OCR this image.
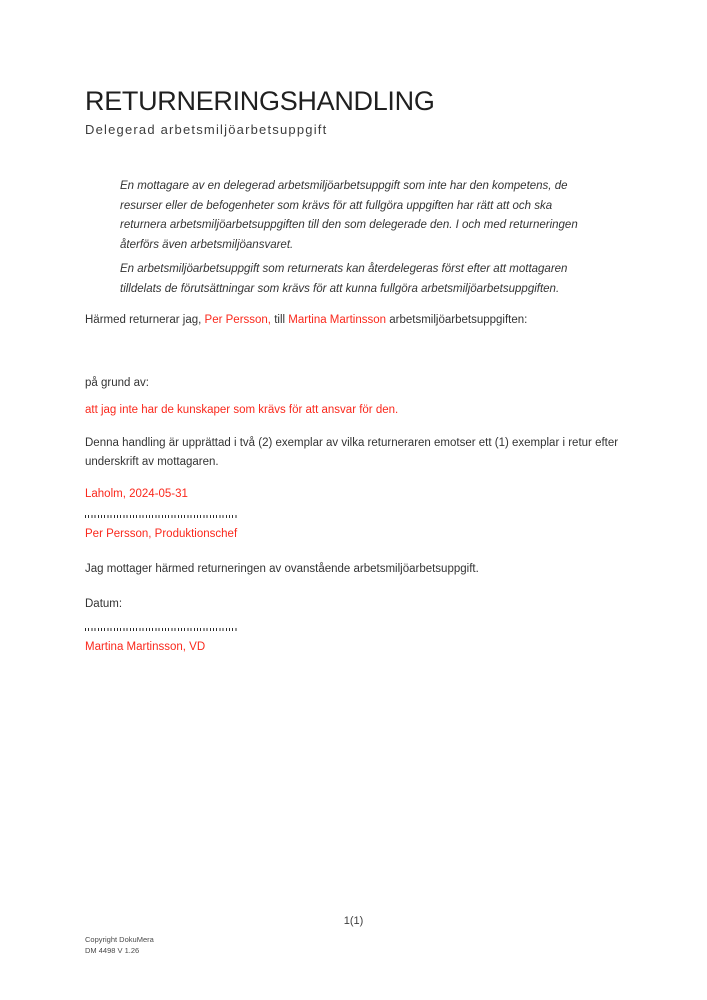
RETURNERINGSHANDLING
Delegerad arbetsmiljöarbetsuppgift

En mottagare av en delegerad arbetsmiljöarbetsuppgift som inte har den kompetens, de resurser eller de befogenheter som krävs för att fullgöra uppgiften har rätt att och ska returnera arbetsmiljöarbetsuppgiften till den som delegerade den. I och med returneringen återförs även arbetsmiljöansvaret.

En arbetsmiljöarbetsuppgift som returnerats kan återdelegeras först efter att mottagaren tilldelats de förutsättningar som krävs för att kunna fullgöra arbetsmiljöarbetsuppgiften.

Härmed returnerar jag, Per Persson, till Martina Martinsson arbetsmiljöarbetsuppgiften:

på grund av:

att jag inte har de kunskaper som krävs för att ansvar för den.

Denna handling är upprättad i två (2) exemplar av vilka returneraren emotser ett (1) exemplar i retur efter underskrift av mottagaren.

Laholm, 2024-05-31

Per Persson, Produktionschef

Jag mottager härmed returneringen av ovanstående arbetsmiljöarbetsuppgift.

Datum:

Martina Martinsson, VD

1(1)
Copyright DokuMera
DM 4498 V 1.26
